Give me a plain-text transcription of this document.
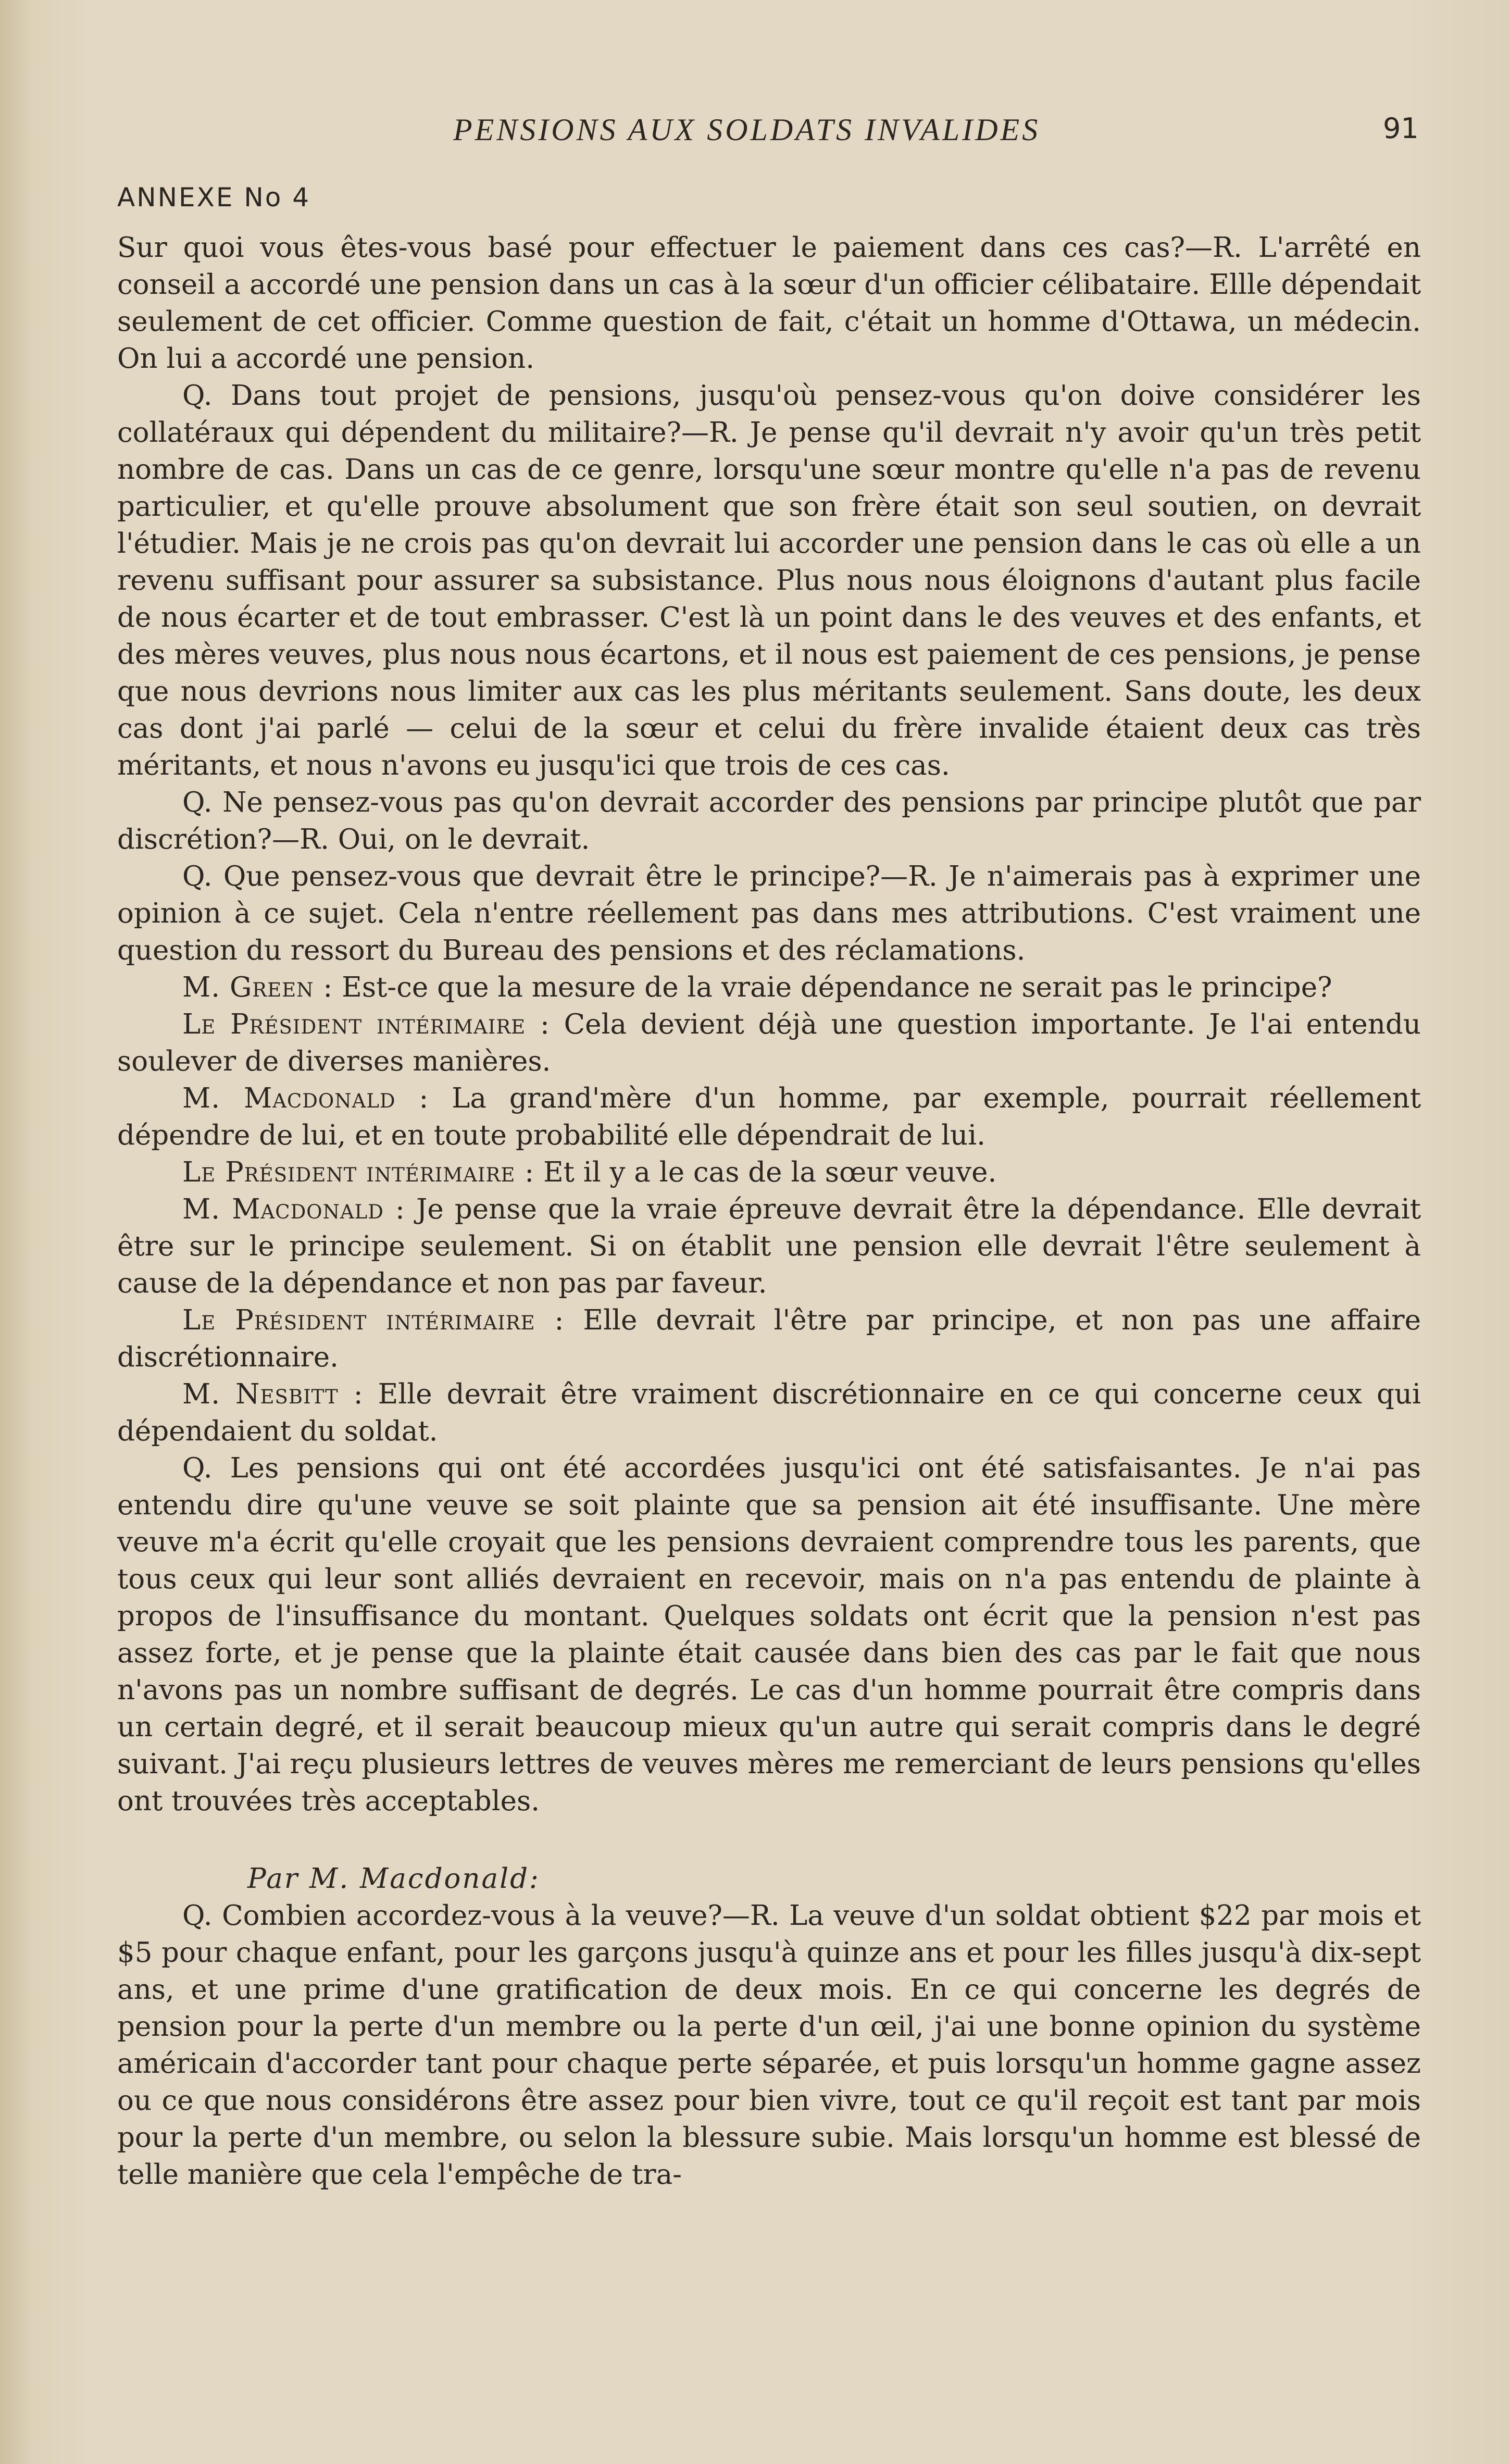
PENSIONS AUX SOLDATS INVALIDES	91
ANNEXE No 4

Sur quoi vous êtes-vous basé pour effectuer le paiement dans ces cas?—R. L'arrêté en conseil a accordé une pension dans un cas à la sœur d'un officier célibataire. Ellle dépendait seulement de cet officier. Comme question de fait, c'était un homme d'Ottawa, un médecin. On lui a accordé une pension.

Q. Dans tout projet de pensions, jusqu'où pensez-vous qu'on doive considérer les collatéraux qui dépendent du militaire?—R. Je pense qu'il devrait n'y avoir qu'un très petit nombre de cas. Dans un cas de ce genre, lorsqu'une sœur montre qu'elle n'a pas de revenu particulier, et qu'elle prouve absolument que son frère était son seul soutien, on devrait l'étudier. Mais je ne crois pas qu'on devrait lui accorder une pension dans le cas où elle a un revenu suffisant pour assurer sa subsistance. Plus nous nous éloignons d'autant plus facile de nous écarter et de tout embrasser. C'est là un point dans le des veuves et des enfants, et des mères veuves, plus nous nous écartons, et il nous est paiement de ces pensions, je pense que nous devrions nous limiter aux cas les plus méritants seulement. Sans doute, les deux cas dont j'ai parlé — celui de la sœur et celui du frère invalide étaient deux cas très méritants, et nous n'avons eu jusqu'ici que trois de ces cas.

Q. Ne pensez-vous pas qu'on devrait accorder des pensions par principe plutôt que par discrétion?—R. Oui, on le devrait.

Q. Que pensez-vous que devrait être le principe?—R. Je n'aimerais pas à exprimer une opinion à ce sujet. Cela n'entre réellement pas dans mes attributions. C'est vraiment une question du ressort du Bureau des pensions et des réclamations.

M. Green : Est-ce que la mesure de la vraie dépendance ne serait pas le principe?

Le Président intérimaire : Cela devient déjà une question importante. Je l'ai entendu soulever de diverses manières.

M. Macdonald : La grand'mère d'un homme, par exemple, pourrait réellement dépendre de lui, et en toute probabilité elle dépendrait de lui.

Le Président intérimaire : Et il y a le cas de la sœur veuve.

M. Macdonald : Je pense que la vraie épreuve devrait être la dépendance. Elle devrait être sur le principe seulement. Si on établit une pension elle devrait l'être seulement à cause de la dépendance et non pas par faveur.

Le Président intérimaire : Elle devrait l'être par principe, et non pas une affaire discrétionnaire.

M. Nesbitt : Elle devrait être vraiment discrétionnaire en ce qui concerne ceux qui dépendaient du soldat.

Q. Les pensions qui ont été accordées jusqu'ici ont été satisfaisantes. Je n'ai pas entendu dire qu'une veuve se soit plainte que sa pension ait été insuffisante. Une mère veuve m'a écrit qu'elle croyait que les pensions devraient comprendre tous les parents, que tous ceux qui leur sont alliés devraient en recevoir, mais on n'a pas entendu de plainte à propos de l'insuffisance du montant. Quelques soldats ont écrit que la pension n'est pas assez forte, et je pense que la plainte était causée dans bien des cas par le fait que nous n'avons pas un nombre suffisant de degrés. Le cas d'un homme pourrait être compris dans un certain degré, et il serait beaucoup mieux qu'un autre qui serait compris dans le degré suivant. J'ai reçu plusieurs lettres de veuves mères me remerciant de leurs pensions qu'elles ont trouvées très acceptables.

Par M. Macdonald:

Q. Combien accordez-vous à la veuve?—R. La veuve d'un soldat obtient $22 par mois et $5 pour chaque enfant, pour les garçons jusqu'à quinze ans et pour les filles jusqu'à dix-sept ans, et une prime d'une gratification de deux mois. En ce qui concerne les degrés de pension pour la perte d'un membre ou la perte d'un œil, j'ai une bonne opinion du système américain d'accorder tant pour chaque perte séparée, et puis lorsqu'un homme gagne assez ou ce que nous considérons être assez pour bien vivre, tout ce qu'il reçoit est tant par mois pour la perte d'un membre, ou selon la blessure subie. Mais lorsqu'un homme est blessé de telle manière que cela l'empêche de tra-
